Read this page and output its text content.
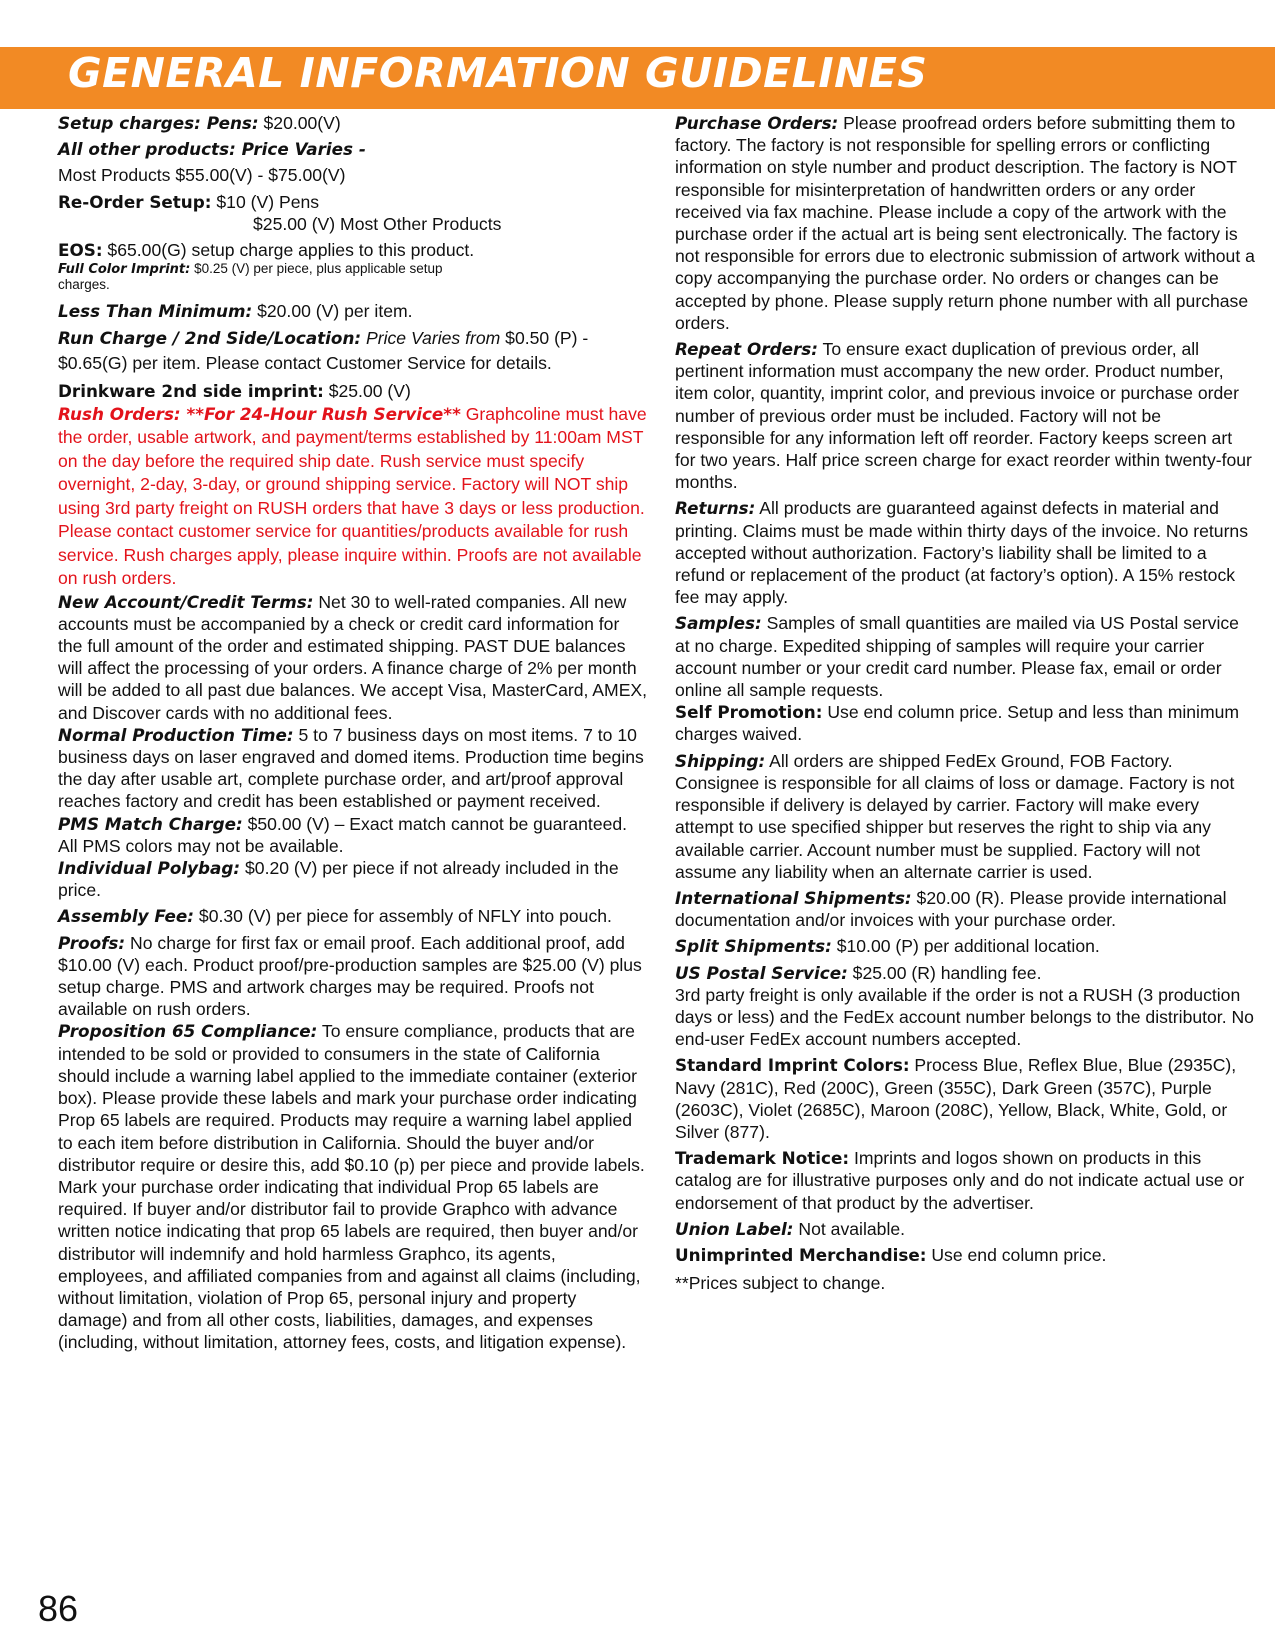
GENERAL INFORMATION GUIDELINES

Setup charges: Pens: $20.00(V)

All other products: Price Varies -

Most Products $55.00(V) - $75.00(V)

Re-Order Setup: $10 (V) Pens

$25.00 (V) Most Other Products

EOS: $65.00(G) setup charge applies to this product.

Full Color Imprint: $0.25 (V) per piece, plus applicable setup charges.

Less Than Minimum: $20.00 (V) per item.

Run Charge / 2nd Side/Location: Price Varies from $0.50 (P) - $0.65(G) per item. Please contact Customer Service for details.

Drinkware 2nd side imprint: $25.00 (V)

Rush Orders: **For 24-Hour Rush Service** Graphcoline must have the order, usable artwork, and payment/terms established by 11:00am MST on the day before the required ship date. Rush service must specify overnight, 2-day, 3-day, or ground shipping service. Factory will NOT ship using 3rd party freight on RUSH orders that have 3 days or less production. Please contact customer service for quantities/products available for rush service. Rush charges apply, please inquire within. Proofs are not available on rush orders.

New Account/Credit Terms: Net 30 to well-rated companies. All new accounts must be accompanied by a check or credit card information for the full amount of the order and estimated shipping. PAST DUE balances will affect the processing of your orders. A finance charge of 2% per month will be added to all past due balances. We accept Visa, MasterCard, AMEX, and Discover cards with no additional fees.

Normal Production Time: 5 to 7 business days on most items. 7 to 10 business days on laser engraved and domed items. Production time begins the day after usable art, complete purchase order, and art/proof approval reaches factory and credit has been established or payment received.

PMS Match Charge: $50.00 (V) – Exact match cannot be guaranteed. All PMS colors may not be available.

Individual Polybag: $0.20 (V) per piece if not already included in the price.

Assembly Fee: $0.30 (V) per piece for assembly of NFLY into pouch.

Proofs: No charge for first fax or email proof. Each additional proof, add $10.00 (V) each. Product proof/pre-production samples are $25.00 (V) plus setup charge. PMS and artwork charges may be required. Proofs not available on rush orders.

Proposition 65 Compliance: To ensure compliance, products that are intended to be sold or provided to consumers in the state of California should include a warning label applied to the immediate container (exterior box). Please provide these labels and mark your purchase order indicating Prop 65 labels are required. Products may require a warning label applied to each item before distribution in California. Should the buyer and/or distributor require or desire this, add $0.10 (p) per piece and provide labels. Mark your purchase order indicating that individual Prop 65 labels are required. If buyer and/or distributor fail to provide Graphco with advance written notice indicating that prop 65 labels are required, then buyer and/or distributor will indemnify and hold harmless Graphco, its agents, employees, and affiliated companies from and against all claims (including, without limitation, violation of Prop 65, personal injury and property damage) and from all other costs, liabilities, damages, and expenses (including, without limitation, attorney fees, costs, and litigation expense).

Purchase Orders: Please proofread orders before submitting them to factory. The factory is not responsible for spelling errors or conflicting information on style number and product description. The factory is NOT responsible for misinterpretation of handwritten orders or any order received via fax machine. Please include a copy of the artwork with the purchase order if the actual art is being sent electronically. The factory is not responsible for errors due to electronic submission of artwork without a copy accompanying the purchase order. No orders or changes can be accepted by phone. Please supply return phone number with all purchase orders.

Repeat Orders: To ensure exact duplication of previous order, all pertinent information must accompany the new order. Product number, item color, quantity, imprint color, and previous invoice or purchase order number of previous order must be included. Factory will not be responsible for any information left off reorder. Factory keeps screen art for two years. Half price screen charge for exact reorder within twenty-four months.

Returns: All products are guaranteed against defects in material and printing. Claims must be made within thirty days of the invoice. No returns accepted without authorization. Factory’s liability shall be limited to a refund or replacement of the product (at factory’s option). A 15% restock fee may apply.

Samples: Samples of small quantities are mailed via US Postal service at no charge. Expedited shipping of samples will require your carrier account number or your credit card number. Please fax, email or order online all sample requests.

Self Promotion: Use end column price. Setup and less than minimum charges waived.

Shipping: All orders are shipped FedEx Ground, FOB Factory. Consignee is responsible for all claims of loss or damage. Factory is not responsible if delivery is delayed by carrier. Factory will make every attempt to use specified shipper but reserves the right to ship via any available carrier. Account number must be supplied. Factory will not assume any liability when an alternate carrier is used.

International Shipments: $20.00 (R). Please provide international documentation and/or invoices with your purchase order.

Split Shipments: $10.00 (P) per additional location.

US Postal Service: $25.00 (R) handling fee.

3rd party freight is only available if the order is not a RUSH (3 production days or less) and the FedEx account number belongs to the distributor. No end-user FedEx account numbers accepted.

Standard Imprint Colors: Process Blue, Reflex Blue, Blue (2935C), Navy (281C), Red (200C), Green (355C), Dark Green (357C), Purple (2603C), Violet (2685C), Maroon (208C), Yellow, Black, White, Gold, or Silver (877).

Trademark Notice: Imprints and logos shown on products in this catalog are for illustrative purposes only and do not indicate actual use or endorsement of that product by the advertiser.

Union Label: Not available.

Unimprinted Merchandise: Use end column price.

**Prices subject to change.

86
